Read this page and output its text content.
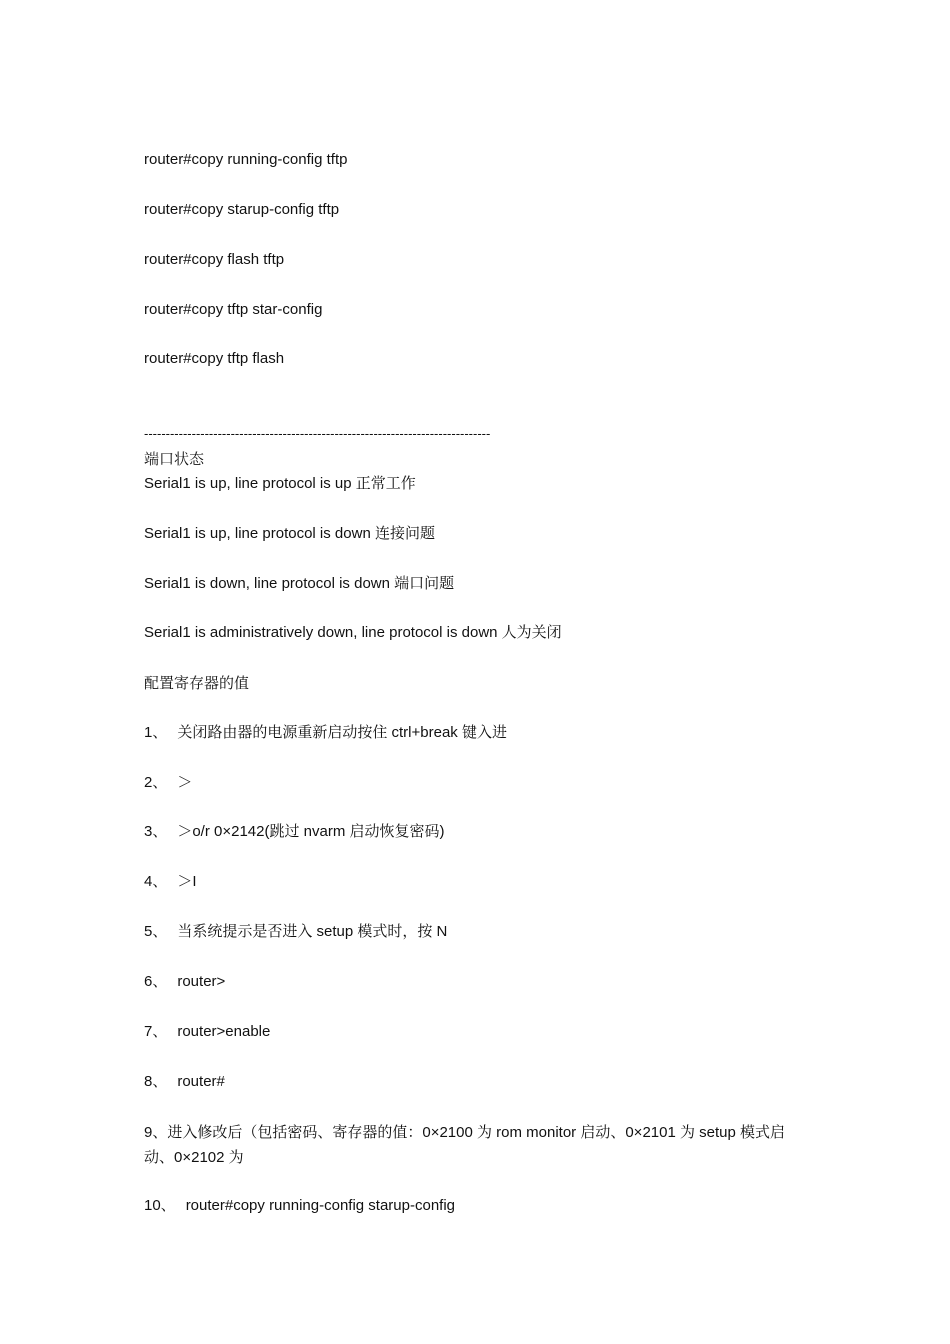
router#copy running-config tftp
router#copy starup-config tftp
router#copy flash tftp
router#copy tftp star-config
router#copy tftp flash
--------------------------------------------------------------------------------
端口状态
Serial1 is up, line protocol is up 正常工作
Serial1 is up, line protocol is down 连接问题
Serial1 is down, line protocol is down 端口问题
Serial1 is administratively down, line protocol is down 人为关闭
配置寄存器的值
1、 关闭路由器的电源重新启动按住 ctrl+break 键入进
2、 ＞
3、 ＞o/r 0×2142(跳过 nvarm 启动恢复密码)
4、 ＞I
5、 当系统提示是否进入 setup 模式时，按 N
6、 router>
7、 router>enable
8、 router#
9、进入修改后（包括密码、寄存器的值：0×2100 为 rom monitor 启动、0×2101 为 setup 模式启动、0×2102 为
10、 router#copy running-config starup-config
